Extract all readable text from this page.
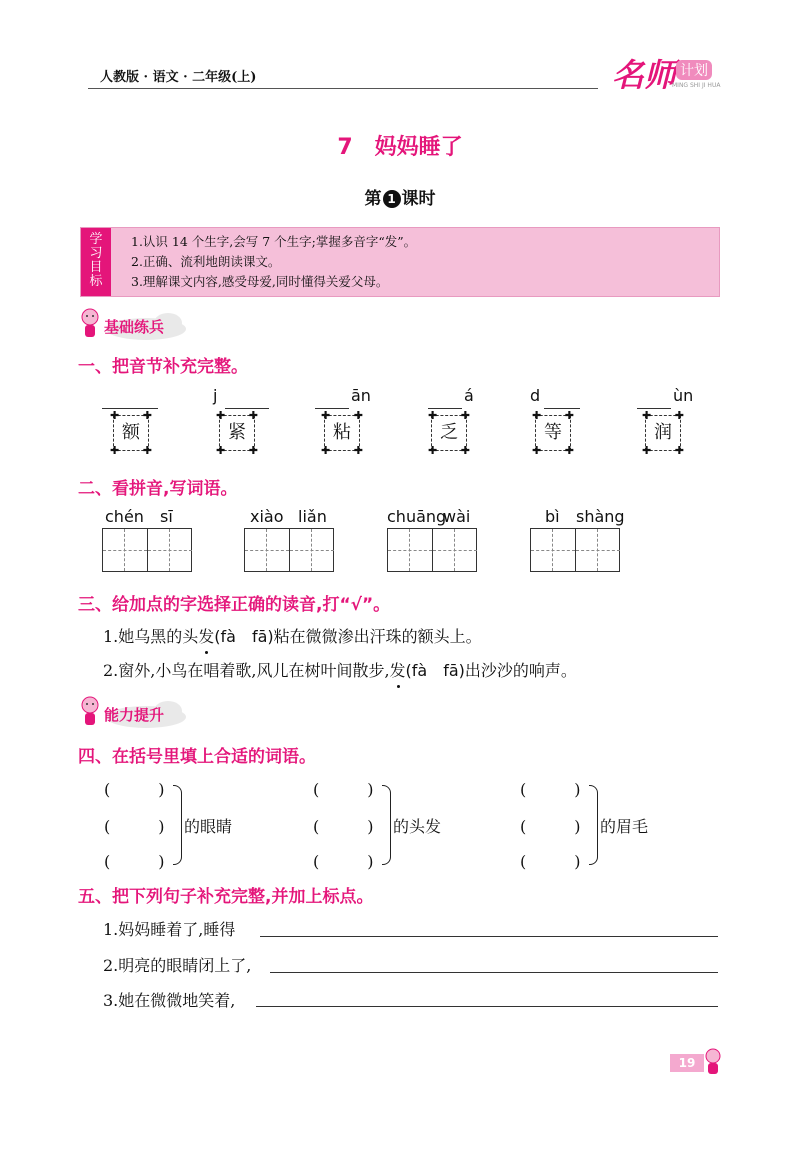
人教版 · 语文 · 二年级(上)	名师 计划
MING SHI JI HUA
7　妈妈睡了
第 1 课时
学习目标
1.认识 14 个生字,会写 7 个生字;掌握多音字“发”。
2.正确、流利地朗读课文。
3.理解课文内容,感受母爱,同时懂得关爱父母。
基础练兵
一、把音节补充完整。
✚ ✚
✚ ✚
额
j
✚ ✚
✚ ✚
紧
ān
✚ ✚
✚ ✚
粘
á
✚ ✚
✚ ✚
乏
d
✚ ✚
✚ ✚
等
ùn
✚ ✚
✚ ✚
润
二、看拼音,写词语。
chén sī	xiào liǎn	chuāng
wài	bì shàng
三、给加点的字选择正确的读音,打“√”。
1.她乌黑的头发(fà　fā)粘在微微渗出汗珠的额头上。
2.窗外,小鸟在唱着歌,风儿在树叶间散步,发(fà　fā)出沙沙的响声。
能力提升
四、在括号里填上合适的词语。
(　　　)
(　　　)
(　　　)
的眼睛
(　　　)
(　　　)
(　　　)
的头发
(　　　)
(　　　)
(　　　)
的眉毛
五、把下列句子补充完整,并加上标点。
1.妈妈睡着了,睡得
2.明亮的眼睛闭上了,
3.她在微微地笑着,
19
